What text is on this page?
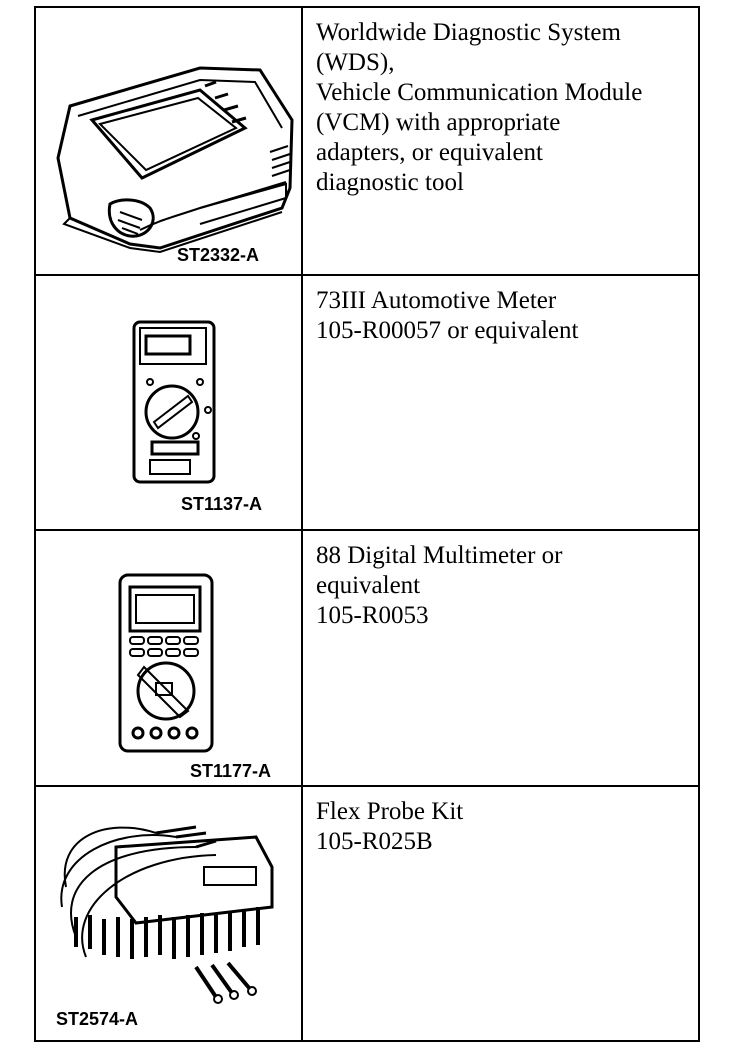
ST2332-A
Worldwide Diagnostic System
(WDS),
Vehicle Communication Module
(VCM) with appropriate
adapters, or equivalent
diagnostic tool
ST1137-A
73III Automotive Meter
105-R00057 or equivalent
ST1177-A
88 Digital Multimeter or
equivalent
105-R0053
ST2574-A
Flex Probe Kit
105-R025B
